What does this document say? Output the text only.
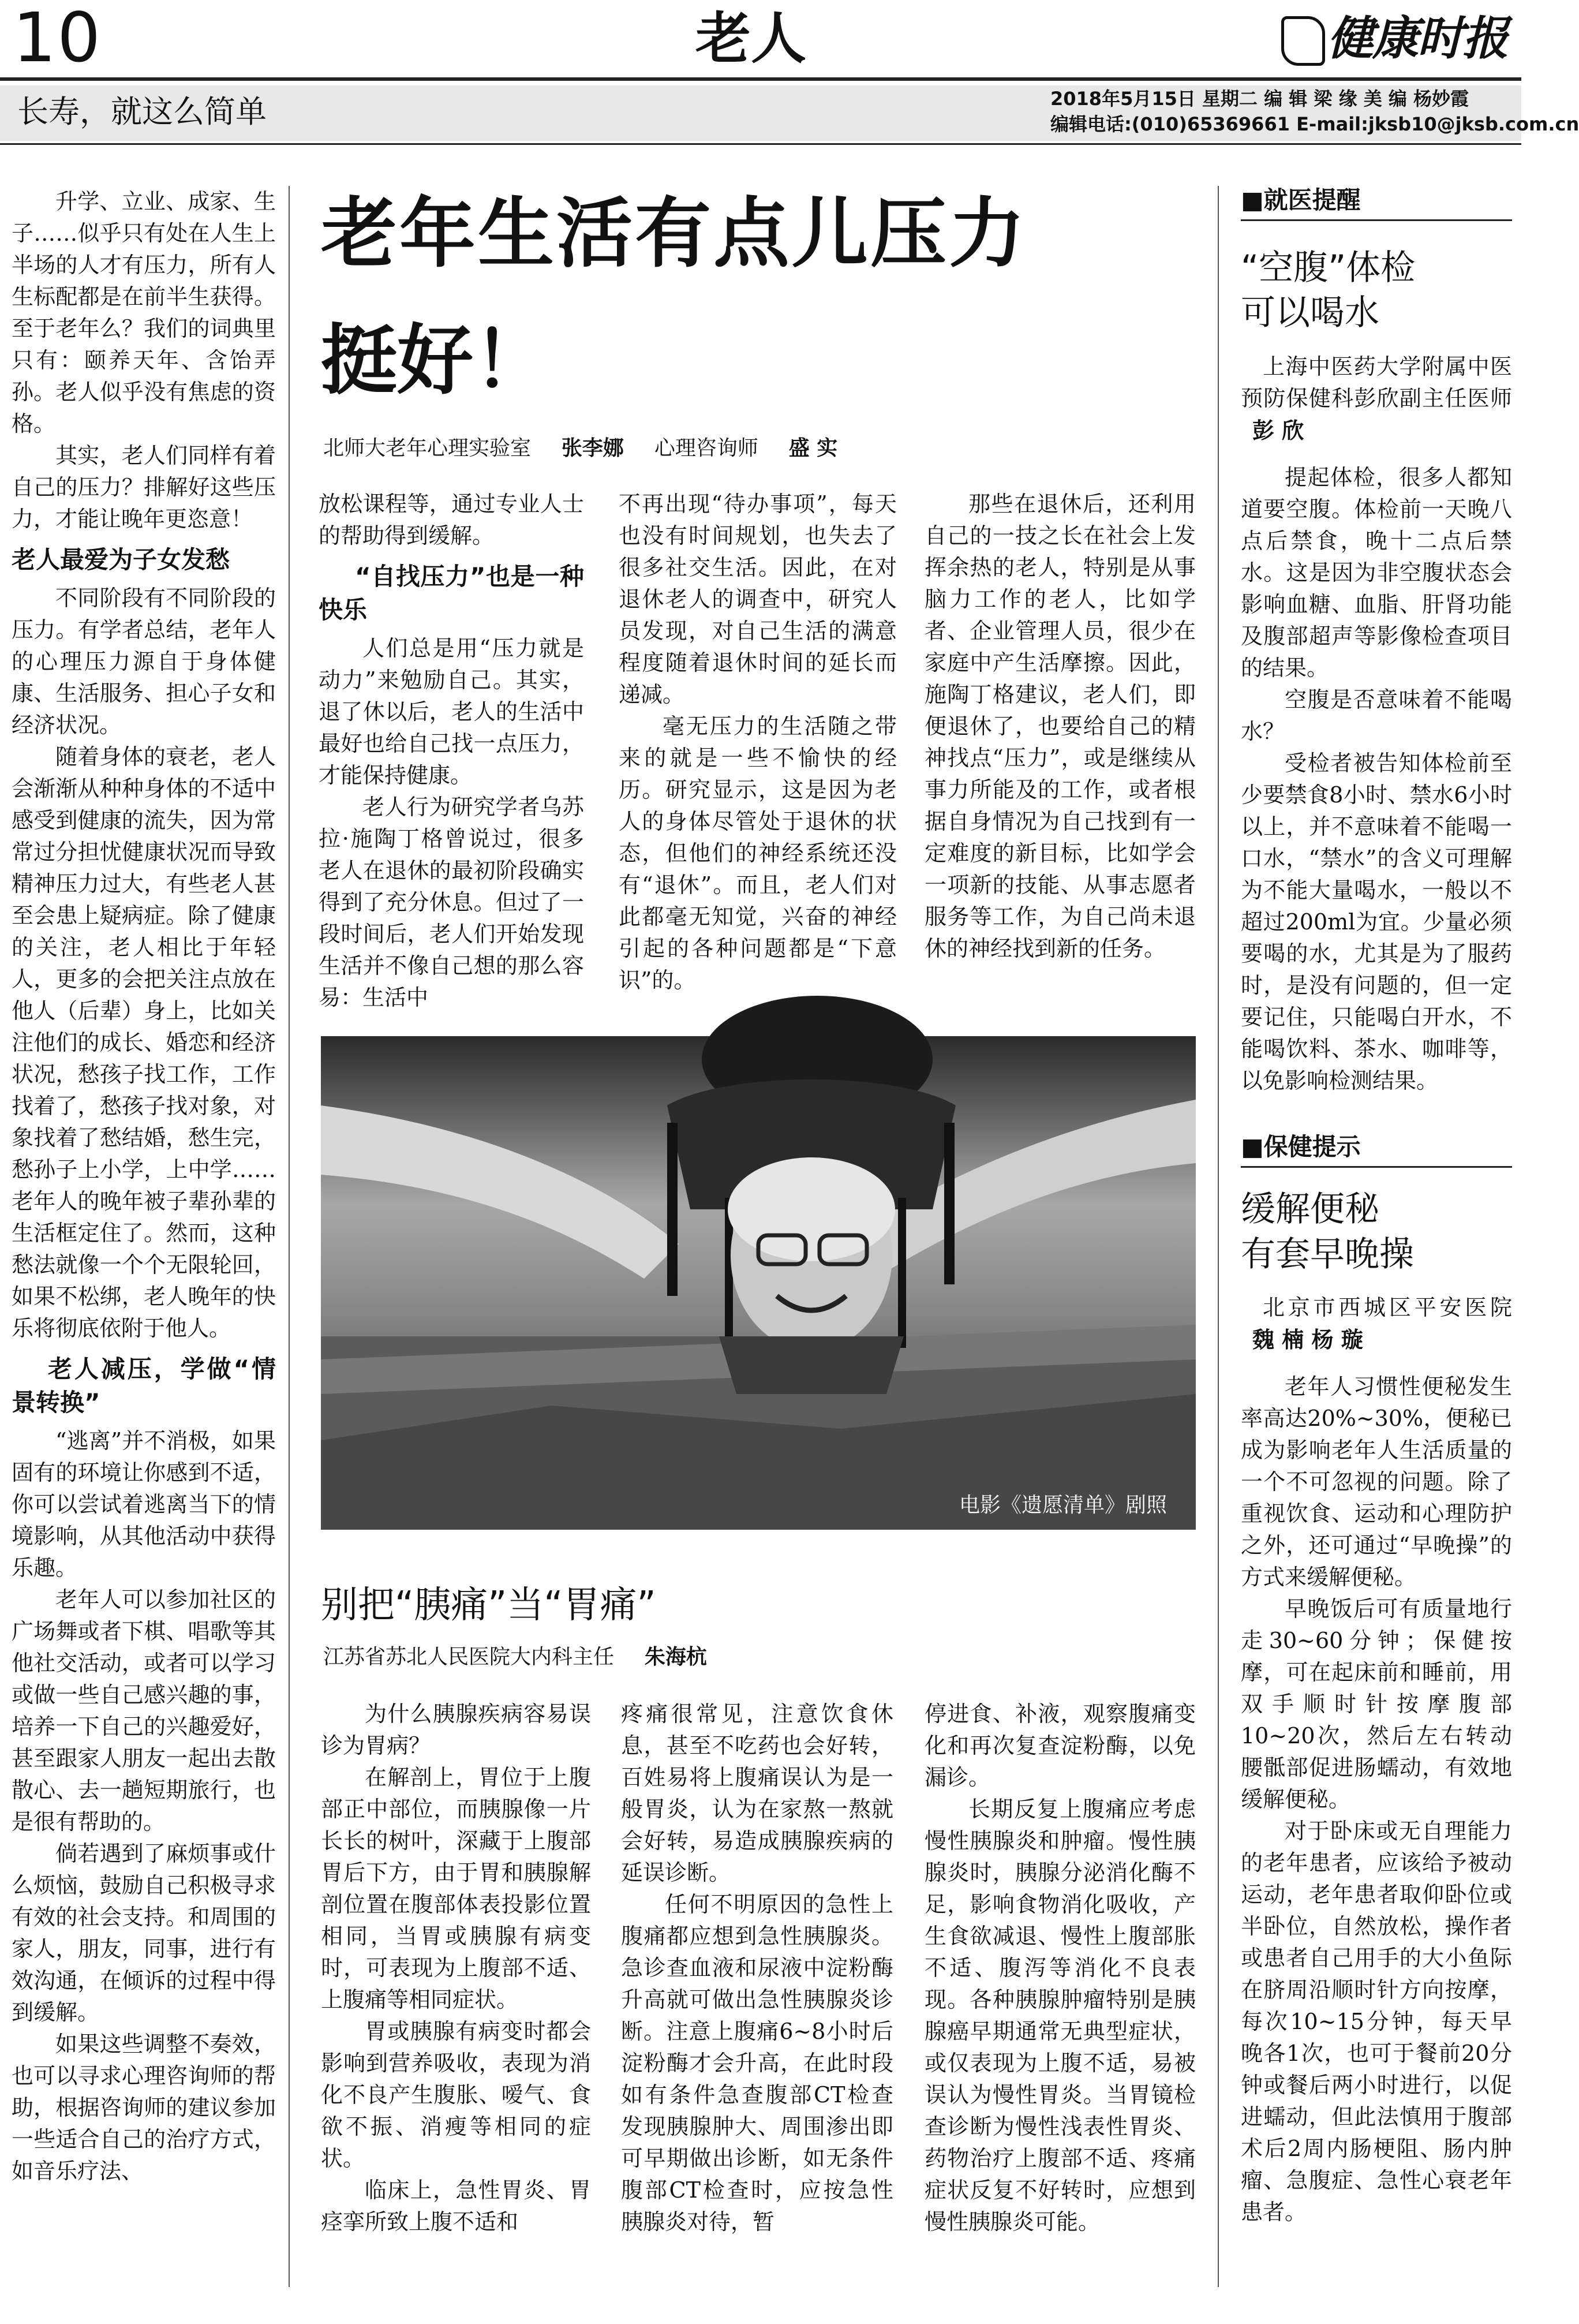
10	老人	健康时报
长寿，就这么简单	2018年5月15日 星期二 编 辑 梁 缘 美 编 杨妙霞
编辑电话:(010)65369661 E-mail:jksb10@jksb.com.cn
老年生活有点儿压力
挺好！
北师大老年心理实验室 张李娜 心理咨询师 盛 实

升学、立业、成家、生子……似乎只有处在人生上半场的人才有压力，所有人生标配都是在前半生获得。至于老年么？我们的词典里只有：颐养天年、含饴弄孙。老人似乎没有焦虑的资格。

其实，老人们同样有着自己的压力？排解好这些压力，才能让晚年更恣意！

老人最爱为子女发愁

不同阶段有不同阶段的压力。有学者总结，老年人的心理压力源自于身体健康、生活服务、担心子女和经济状况。

随着身体的衰老，老人会渐渐从种种身体的不适中感受到健康的流失，因为常常过分担忧健康状况而导致精神压力过大，有些老人甚至会患上疑病症。除了健康的关注，老人相比于年轻人，更多的会把关注点放在他人（后辈）身上，比如关注他们的成长、婚恋和经济状况，愁孩子找工作，工作找着了，愁孩子找对象，对象找着了愁结婚，愁生完，愁孙子上小学，上中学……老年人的晚年被子辈孙辈的生活框定住了。然而，这种愁法就像一个个无限轮回，如果不松绑，老人晚年的快乐将彻底依附于他人。

老人减压，学做“情景转换”

“逃离”并不消极，如果固有的环境让你感到不适，你可以尝试着逃离当下的情境影响，从其他活动中获得乐趣。

老年人可以参加社区的广场舞或者下棋、唱歌等其他社交活动，或者可以学习或做一些自己感兴趣的事，培养一下自己的兴趣爱好，甚至跟家人朋友一起出去散散心、去一趟短期旅行，也是很有帮助的。

倘若遇到了麻烦事或什么烦恼，鼓励自己积极寻求有效的社会支持。和周围的家人，朋友，同事，进行有效沟通，在倾诉的过程中得到缓解。

如果这些调整不奏效，也可以寻求心理咨询师的帮助，根据咨询师的建议参加一些适合自己的治疗方式，如音乐疗法、

放松课程等，通过专业人士的帮助得到缓解。

“自找压力”也是一种快乐

人们总是用“压力就是动力”来勉励自己。其实，退了休以后，老人的生活中最好也给自己找一点压力，才能保持健康。

老人行为研究学者乌苏拉·施陶丁格曾说过，很多老人在退休的最初阶段确实得到了充分休息。但过了一段时间后，老人们开始发现生活并不像自己想的那么容易：生活中

不再出现“待办事项”，每天也没有时间规划，也失去了很多社交生活。因此，在对退休老人的调查中，研究人员发现，对自己生活的满意程度随着退休时间的延长而递减。

毫无压力的生活随之带来的就是一些不愉快的经历。研究显示，这是因为老人的身体尽管处于退休的状态，但他们的神经系统还没有“退休”。而且，老人们对此都毫无知觉，兴奋的神经引起的各种问题都是“下意识”的。

那些在退休后，还利用自己的一技之长在社会上发挥余热的老人，特别是从事脑力工作的老人，比如学者、企业管理人员，很少在家庭中产生活摩擦。因此，施陶丁格建议，老人们，即便退休了，也要给自己的精神找点“压力”，或是继续从事力所能及的工作，或者根据自身情况为自己找到有一定难度的新目标，比如学会一项新的技能、从事志愿者服务等工作，为自己尚未退休的神经找到新的任务。

电影《遗愿清单》剧照
别把“胰痛”当“胃痛”
江苏省苏北人民医院大内科主任 朱海杭

为什么胰腺疾病容易误诊为胃病？

在解剖上，胃位于上腹部正中部位，而胰腺像一片长长的树叶，深藏于上腹部胃后下方，由于胃和胰腺解剖位置在腹部体表投影位置相同，当胃或胰腺有病变时，可表现为上腹部不适、上腹痛等相同症状。

胃或胰腺有病变时都会影响到营养吸收，表现为消化不良产生腹胀、嗳气、食欲不振、消瘦等相同的症状。

临床上，急性胃炎、胃痉挛所致上腹不适和

疼痛很常见，注意饮食休息，甚至不吃药也会好转，百姓易将上腹痛误认为是一般胃炎，认为在家熬一熬就会好转，易造成胰腺疾病的延误诊断。

任何不明原因的急性上腹痛都应想到急性胰腺炎。急诊查血液和尿液中淀粉酶升高就可做出急性胰腺炎诊断。注意上腹痛6~8小时后淀粉酶才会升高，在此时段如有条件急查腹部CT检查发现胰腺肿大、周围渗出即可早期做出诊断，如无条件腹部CT检查时，应按急性胰腺炎对待，暂

停进食、补液，观察腹痛变化和再次复查淀粉酶，以免漏诊。

长期反复上腹痛应考虑慢性胰腺炎和肿瘤。慢性胰腺炎时，胰腺分泌消化酶不足，影响食物消化吸收，产生食欲减退、慢性上腹部胀不适、腹泻等消化不良表现。各种胰腺肿瘤特别是胰腺癌早期通常无典型症状，或仅表现为上腹不适，易被误认为慢性胃炎。当胃镜检查诊断为慢性浅表性胃炎、药物治疗上腹部不适、疼痛症状反复不好转时，应想到慢性胰腺炎可能。

■就医提醒
“空腹”体检
可以喝水

上海中医药大学附属中医预防保健科彭欣副主任医师 彭 欣

提起体检，很多人都知道要空腹。体检前一天晚八点后禁食，晚十二点后禁水。这是因为非空腹状态会影响血糖、血脂、肝肾功能及腹部超声等影像检查项目的结果。

空腹是否意味着不能喝水？

受检者被告知体检前至少要禁食8小时、禁水6小时以上，并不意味着不能喝一口水，“禁水”的含义可理解为不能大量喝水，一般以不超过200ml为宜。少量必须要喝的水，尤其是为了服药时，是没有问题的，但一定要记住，只能喝白开水，不能喝饮料、茶水、咖啡等，以免影响检测结果。

■保健提示
缓解便秘
有套早晚操

北京市西城区平安医院 魏 楠 杨 璇

老年人习惯性便秘发生率高达20%~30%，便秘已成为影响老年人生活质量的一个不可忽视的问题。除了重视饮食、运动和心理防护之外，还可通过“早晚操”的方式来缓解便秘。

早晚饭后可有质量地行走30~60分钟；保健按摩，可在起床前和睡前，用双手顺时针按摩腹部10~20次，然后左右转动腰骶部促进肠蠕动，有效地缓解便秘。

对于卧床或无自理能力的老年患者，应该给予被动运动，老年患者取仰卧位或半卧位，自然放松，操作者或患者自己用手的大小鱼际在脐周沿顺时针方向按摩，每次10~15分钟，每天早晚各1次，也可于餐前20分钟或餐后两小时进行，以促进蠕动，但此法慎用于腹部术后2周内肠梗阻、肠内肿瘤、急腹症、急性心衰老年患者。
